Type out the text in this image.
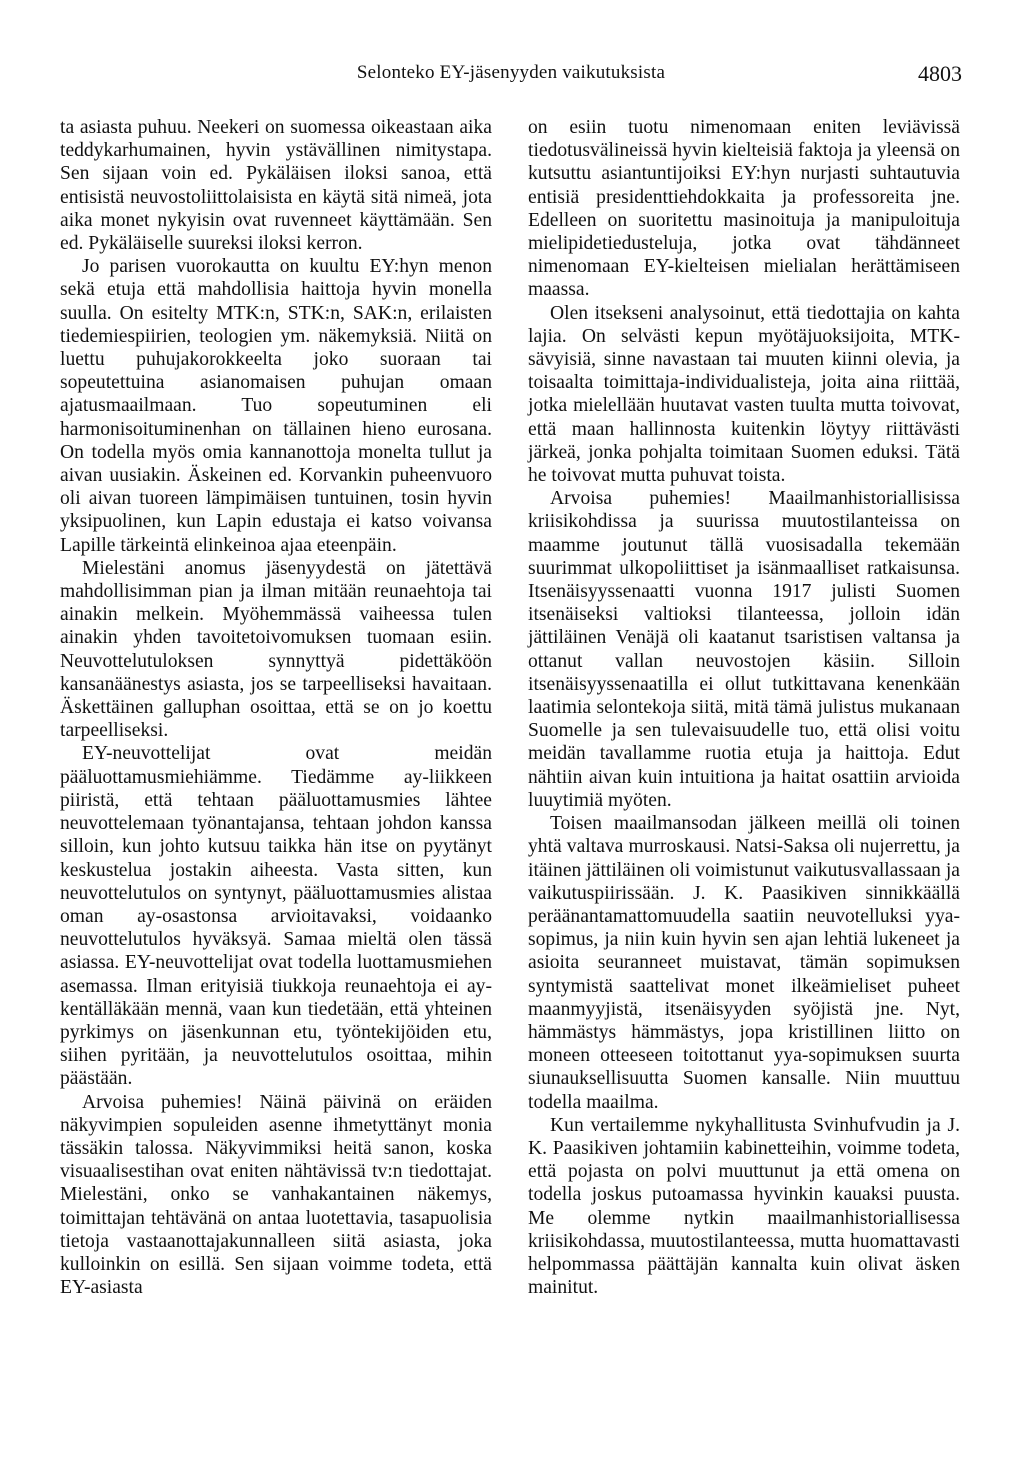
Selonteko EY-jäsenyyden vaikutuksista	4803

ta asiasta puhuu. Neekeri on suomessa oikeastaan aika teddykarhumainen, hyvin ystävällinen nimitystapa. Sen sijaan voin ed. Pykäläisen iloksi sanoa, että entisistä neuvostoliittolaisista en käytä sitä nimeä, jota aika monet nykyisin ovat ruvenneet käyttämään. Sen ed. Pykäläiselle suureksi iloksi kerron.

Jo parisen vuorokautta on kuultu EY:hyn menon sekä etuja että mahdollisia haittoja hyvin monella suulla. On esitelty MTK:n, STK:n, SAK:n, erilaisten tiedemiespiirien, teologien ym. näkemyksiä. Niitä on luettu puhujakorokkeelta joko suoraan tai sopeutettuina asianomaisen puhujan omaan ajatusmaailmaan. Tuo sopeutuminen eli harmonisoituminenhan on tällainen hieno eurosana. On todella myös omia kannanottoja monelta tullut ja aivan uusiakin. Äskeinen ed. Korvankin puheenvuoro oli aivan tuoreen lämpimäisen tuntuinen, tosin hyvin yksipuolinen, kun Lapin edustaja ei katso voivansa Lapille tärkeintä elinkeinoa ajaa eteenpäin.

Mielestäni anomus jäsenyydestä on jätettävä mahdollisimman pian ja ilman mitään reunaehtoja tai ainakin melkein. Myöhemmässä vaiheessa tulen ainakin yhden tavoitetoivomuksen tuomaan esiin. Neuvottelutuloksen synnyttyä pidettäköön kansanäänestys asiasta, jos se tarpeelliseksi havaitaan. Äskettäinen galluphan osoittaa, että se on jo koettu tarpeelliseksi.

EY-neuvottelijat ovat meidän pääluottamusmiehiämme. Tiedämme ay-liikkeen piiristä, että tehtaan pääluottamusmies lähtee neuvottelemaan työnantajansa, tehtaan johdon kanssa silloin, kun johto kutsuu taikka hän itse on pyytänyt keskustelua jostakin aiheesta. Vasta sitten, kun neuvottelutulos on syntynyt, pääluottamusmies alistaa oman ay-osastonsa arvioitavaksi, voidaanko neuvottelutulos hyväksyä. Samaa mieltä olen tässä asiassa. EY-neuvottelijat ovat todella luottamusmiehen asemassa. Ilman erityisiä tiukkoja reunaehtoja ei ay-kentälläkään mennä, vaan kun tiedetään, että yhteinen pyrkimys on jäsenkunnan etu, työntekijöiden etu, siihen pyritään, ja neuvottelutulos osoittaa, mihin päästään.

Arvoisa puhemies! Näinä päivinä on eräiden näkyvimpien sopuleiden asenne ihmetyttänyt monia tässäkin talossa. Näkyvimmiksi heitä sanon, koska visuaalisestihan ovat eniten nähtävissä tv:n tiedottajat. Mielestäni, onko se vanhakantainen näkemys, toimittajan tehtävänä on antaa luotettavia, tasapuolisia tietoja vastaanottajakunnalleen siitä asiasta, joka kulloinkin on esillä. Sen sijaan voimme todeta, että EY-asiasta

on esiin tuotu nimenomaan eniten leviävissä tiedotusvälineissä hyvin kielteisiä faktoja ja yleensä on kutsuttu asiantuntijoiksi EY:hyn nurjasti suhtautuvia entisiä presidenttiehdokkaita ja professoreita jne. Edelleen on suoritettu masinoituja ja manipuloituja mielipidetiedusteluja, jotka ovat tähdänneet nimenomaan EY-kielteisen mielialan herättämiseen maassa.

Olen itsekseni analysoinut, että tiedottajia on kahta lajia. On selvästi kepun myötäjuoksijoita, MTK-sävyisiä, sinne navastaan tai muuten kiinni olevia, ja toisaalta toimittaja-individualisteja, joita aina riittää, jotka mielellään huutavat vasten tuulta mutta toivovat, että maan hallinnosta kuitenkin löytyy riittävästi järkeä, jonka pohjalta toimitaan Suomen eduksi. Tätä he toivovat mutta puhuvat toista.

Arvoisa puhemies! Maailmanhistoriallisissa kriisikohdissa ja suurissa muutostilanteissa on maamme joutunut tällä vuosisadalla tekemään suurimmat ulkopoliittiset ja isänmaalliset ratkaisunsa. Itsenäisyyssenaatti vuonna 1917 julisti Suomen itsenäiseksi valtioksi tilanteessa, jolloin idän jättiläinen Venäjä oli kaatanut tsaristisen valtansa ja ottanut vallan neuvostojen käsiin. Silloin itsenäisyyssenaatilla ei ollut tutkittavana kenenkään laatimia selontekoja siitä, mitä tämä julistus mukanaan Suomelle ja sen tulevaisuudelle tuo, että olisi voitu meidän tavallamme ruotia etuja ja haittoja. Edut nähtiin aivan kuin intuitiona ja haitat osattiin arvioida luuytimiä myöten.

Toisen maailmansodan jälkeen meillä oli toinen yhtä valtava murroskausi. Natsi-Saksa oli nujerrettu, ja itäinen jättiläinen oli voimistunut vaikutusvallassaan ja vaikutuspiirissään. J. K. Paasikiven sinnikkäällä peräänantamattomuudella saatiin neuvotelluksi yya-sopimus, ja niin kuin hyvin sen ajan lehtiä lukeneet ja asioita seuranneet muistavat, tämän sopimuksen syntymistä saattelivat monet ilkeämieliset puheet maanmyyjistä, itsenäisyyden syöjistä jne. Nyt, hämmästys hämmästys, jopa kristillinen liitto on moneen otteeseen toitottanut yya-sopimuksen suurta siunauksellisuutta Suomen kansalle. Niin muuttuu todella maailma.

Kun vertailemme nykyhallitusta Svinhufvudin ja J. K. Paasikiven johtamiin kabinetteihin, voimme todeta, että pojasta on polvi muuttunut ja että omena on todella joskus putoamassa hyvinkin kauaksi puusta. Me olemme nytkin maailmanhistoriallisessa kriisikohdassa, muutostilanteessa, mutta huomattavasti helpommassa päättäjän kannalta kuin olivat äsken mainitut.
